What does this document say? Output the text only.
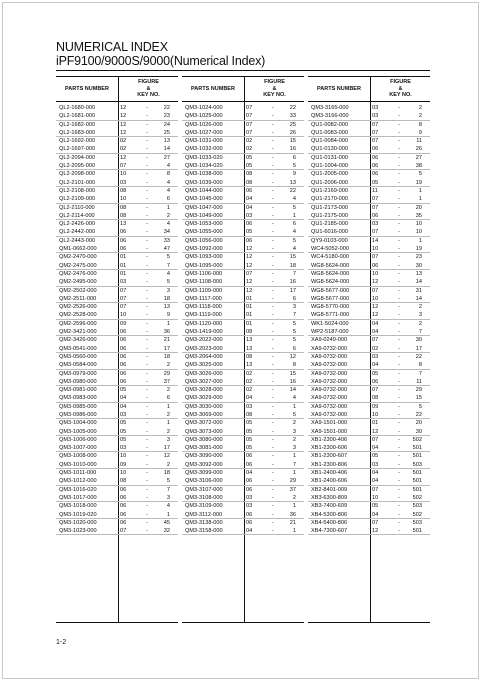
NUMERICAL INDEX
iPF9100/9000S/9000(Numerical Index)
PARTS NUMBER
FIGURE
&
KEY NO.
QL2-1680-000	12	-	22
QL2-1681-000	12	-	23
QL2-1682-000	12	-	24
QL2-1683-000	12	-	25
QL2-1692-000	02	-	13
QL2-1697-000	02	-	14
QL2-2094-000	12	-	27
QL2-2095-000	07	-	4
QL2-2098-000	10	-	8
QL2-2101-000	03	-	4
QL2-2108-000	08	-	4
QL2-2109-000	10	-	6
QL2-2110-000	08	-	1
QL2-2114-000	08	-	2
QL2-2426-000	13	-	4
QL2-2442-000	06	-	34
QL2-2443-000	06	-	33
QM1-0662-000	06	-	47
QM2-2470-000	01	-	5
QM2-2475-000	01	-	7
QM2-2476-000	01	-	4
QM2-2495-000	03	-	5
QM2-2502-000	07	-	3
QM2-2511-000	07	-	18
QM2-2526-000	07	-	13
QM2-2528-000	10	-	9
QM2-2596-000	09	-	1
QM2-3421-000	06	-	36
QM2-3426-000	06	-	21
QM3-0541-000	06	-	17
QM3-0560-000	06	-	18
QM3-0584-000	06	-	2
QM3-0979-000	06	-	29
QM3-0980-000	06	-	37
QM3-0981-000	05	-	2
QM3-0983-000	04	-	6
QM3-0985-000	04	-	1
QM3-0986-000	03	-	2
QM3-1004-000	05	-	1
QM3-1005-000	05	-	2
QM3-1006-000	05	-	3
QM3-1007-000	03	-	17
QM3-1008-000	10	-	12
QM3-1010-000	09	-	2
QM3-1011-000	10	-	18
QM3-1012-000	08	-	5
QM3-1016-020	06	-	7
QM3-1017-000	06	-	3
QM3-1018-000	06	-	4
QM3-1019-020	06	-	1
QM3-1020-000	06	-	45
QM3-1023-000	07	-	32
PARTS NUMBER
FIGURE
&
KEY NO.
QM3-1024-000	07	-	22
QM3-1025-000	07	-	33
QM3-1026-000	07	-	25
QM3-1027-000	07	-	26
QM3-1031-000	02	-	15
QM3-1032-000	02	-	16
QM3-1033-020	05	-	6
QM3-1034-020	05	-	5
QM3-1038-000	08	-	9
QM3-1039-000	08	-	13
QM3-1044-000	06	-	22
QM3-1045-000	04	-	4
QM3-1047-000	04	-	5
QM3-1049-000	03	-	1
QM3-1053-000	06	-	6
QM3-1055-000	05	-	4
QM3-1056-000	06	-	5
QM3-1092-000	12	-	4
QM3-1093-000	12	-	15
QM3-1095-000	12	-	18
QM3-1106-000	07	-	7
QM3-1108-000	12	-	16
QM3-1109-000	12	-	17
QM3-1117-000	01	-	6
QM3-1118-000	01	-	3
QM3-1119-000	01	-	7
QM3-1120-000	01	-	5
QM3-1419-000	08	-	5
QM3-2022-000	13	-	5
QM3-2023-000	13	-	6
QM3-2064-000	08	-	12
QM3-3025-000	13	-	8
QM3-3026-000	02	-	15
QM3-3027-000	02	-	16
QM3-3028-000	02	-	14
QM3-3029-000	04	-	4
QM3-3030-000	03	-	1
QM3-3069-000	08	-	5
QM3-3072-000	05	-	2
QM3-3073-000	05	-	3
QM3-3080-000	05	-	2
QM3-3081-000	05	-	3
QM3-3090-000	06	-	1
QM3-3092-000	06	-	7
QM3-3099-000	04	-	1
QM3-3106-000	06	-	29
QM3-3107-000	06	-	37
QM3-3108-000	03	-	2
QM3-3109-000	03	-	1
QM3-3112-000	06	-	36
QM3-3138-000	06	-	21
QM3-3158-000	04	-	1
PARTS NUMBER
FIGURE
&
KEY NO.
QM3-3165-000	03	-	2
QM3-3166-000	03	-	2
QU1-0082-000	07	-	8
QU1-0083-000	07	-	9
QU1-0084-000	07	-	11
QU1-0130-000	06	-	26
QU1-0131-000	06	-	27
QU1-1004-000	06	-	38
QU1-2005-000	06	-	5
QU1-2006-000	05	-	19
QU1-2169-000	11	-	1
QU1-2170-000	07	-	1
QU1-2173-000	07	-	20
QU1-2175-000	06	-	35
QU1-2185-000	03	-	10
QU1-6016-000	07	-	10
QY9-0103-000	14	-	1
WC4-5052-000	10	-	19
WC4-5180-000	07	-	23
WG8-5624-000	06	-	30
WG8-5624-000	10	-	13
WG8-5624-000	12	-	14
WG8-5677-000	07	-	31
WG8-5677-000	10	-	14
WG8-5770-000	12	-	2
WG8-5771-000	12	-	3
WK1-5024-000	04	-	2
WP2-5187-000	04	-	7
XA9-0249-000	07	-	30
XA9-0732-000	02	-	17
XA9-0732-000	03	-	22
XA9-0732-000	04	-	8
XA9-0732-000	05	-	7
XA9-0732-000	06	-	11
XA9-0732-000	07	-	29
XA9-0732-000	08	-	15
XA9-0732-000	09	-	5
XA9-0732-000	10	-	22
XA9-1501-000	01	-	20
XA9-1501-000	12	-	30
XB1-2300-406	07	-	502
XB1-2300-606	04	-	501
XB1-2300-607	05	-	501
XB1-2300-806	03	-	503
XB1-2400-406	04	-	501
XB1-2400-606	04	-	501
XB2-8401-009	07	-	501
XB3-6300-809	10	-	502
XB3-7400-609	05	-	503
XB4-5300-806	04	-	502
XB4-5400-806	07	-	503
XB4-7300-607	12	-	501
1-2
